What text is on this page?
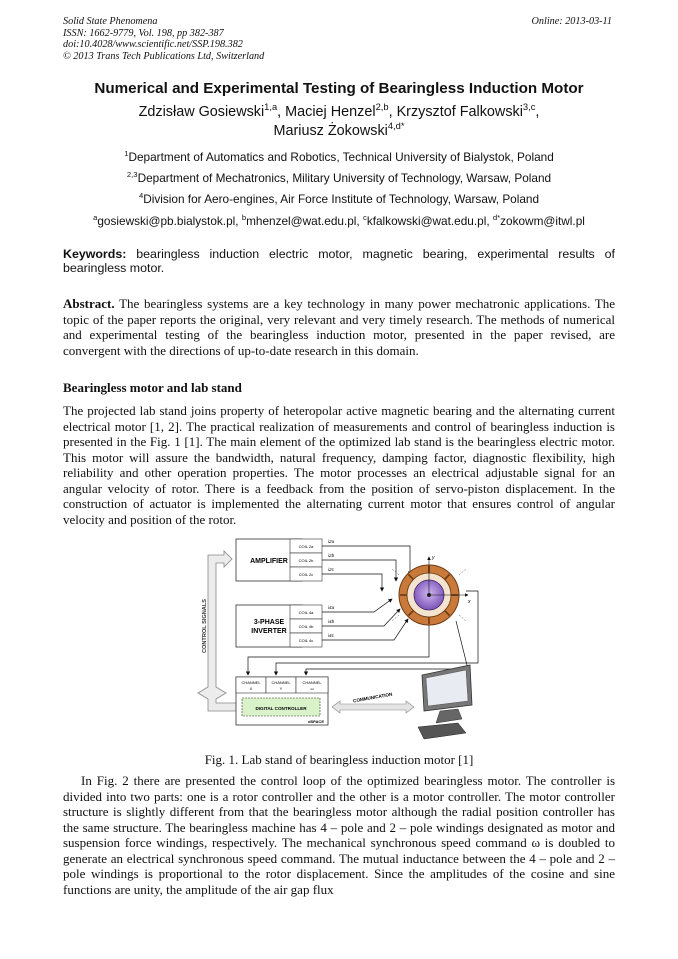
Solid State Phenomena
ISSN: 1662-9779, Vol. 198, pp 382-387
doi:10.4028/www.scientific.net/SSP.198.382
© 2013 Trans Tech Publications Ltd, Switzerland
Online: 2013-03-11
Numerical and Experimental Testing of Bearingless Induction Motor
Zdzisław Gosiewski$^{1,a}$, Maciej Henzel$^{2,b}$, Krzysztof Falkowski$^{3,c}$,
Mariusz Żokowski$^{4,d*}$
$^1$Department of Automatics and Robotics, Technical University of Bialystok, Poland
$^{2,3}$Department of Mechatronics, Military University of Technology, Warsaw, Poland
$^4$Division for Aero-engines, Air Force Institute of Technology, Warsaw, Poland
$^a$gosiewski@pb.bialystok.pl, $^b$mhenzel@wat.edu.pl, $^c$kfalkowski@wat.edu.pl, $^{d*}$zokowm@itwl.pl
Keywords: bearingless induction electric motor, magnetic bearing, experimental results of bearingless motor.
Abstract. The bearingless systems are a key technology in many power mechatronic applications. The topic of the paper reports the original, very relevant and very timely research. The methods of numerical and experimental testing of the bearingless induction motor, presented in the paper revised, are convergent with the directions of up-to-date research in this domain.
Bearingless motor and lab stand
The projected lab stand joins property of heteropolar active magnetic bearing and the alternating current electrical motor [1, 2]. The practical realization of measurements and control of bearingless induction is presented in the Fig. 1 [1]. The main element of the optimized lab stand is the bearingless electric motor. This motor will assure the bandwidth, natural frequency, damping factor, diagnostic flexibility, high reliability and other operation properties. The motor processes an electrical adjustable signal for an angular velocity of rotor. There is a feedback from the position of servo-piston displacement. In the construction of actuator is implemented the alternating current motor that ensures control of angular velocity and position of the rotor.
CONTROL SIGNALS
AMPLIFIER
COIL 2a
COIL 2b
COIL 2c
3-PHASE
INVERTER
COIL 4a
COIL 4b
COIL 4c
i2a
i2b
i2c
i4a
i4b
i4c
y
x
CHANNEL
X
CHANNEL
Y
CHANNEL
ω
DIGITAL CONTROLLER
dSPACE
COMMUNICATION
Fig. 1. Lab stand of bearingless induction motor [1]
In Fig. 2 there are presented the control loop of the optimized bearingless motor. The controller is divided into two parts: one is a rotor controller and the other is a motor controller. The motor controller structure is slightly different from that the bearingless motor although the radial position controller has the same structure. The bearingless machine has 4 – pole and 2 – pole windings designated as motor and suspension force windings, respectively. The mechanical synchronous speed command ω is doubled to generate an electrical synchronous speed command. The mutual inductance between the 4 – pole and 2 – pole windings is proportional to the rotor displacement. Since the amplitudes of the cosine and sine functions are unity, the amplitude of the air gap flux
